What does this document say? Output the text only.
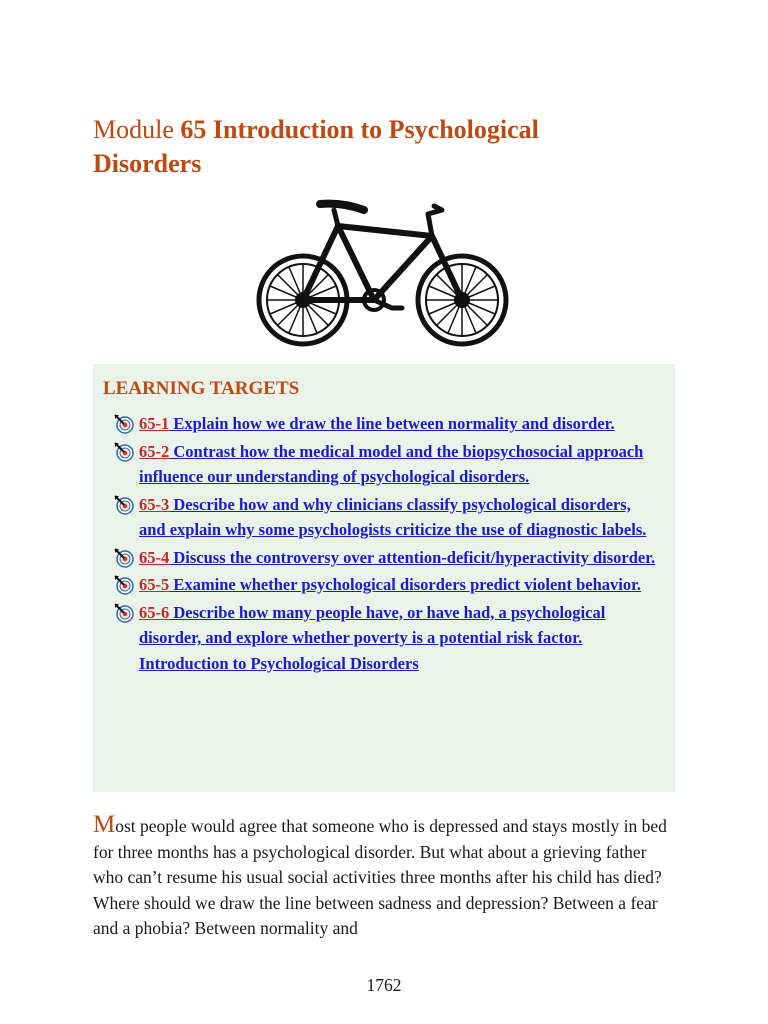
Module 65 Introduction to Psychological Disorders
LEARNING TARGETS
65-1 Explain how we draw the line between normality and disorder.
65-2 Contrast how the medical model and the biopsychosocial approach influence our understanding of psychological disorders.
65-3 Describe how and why clinicians classify psychological disorders, and explain why some psychologists criticize the use of diagnostic labels.
65-4 Discuss the controversy over attention-deficit/hyperactivity disorder.
65-5 Examine whether psychological disorders predict violent behavior.
65-6 Describe how many people have, or have had, a psychological disorder, and explore whether poverty is a potential risk factor. Introduction to Psychological Disorders

Most people would agree that someone who is depressed and stays mostly in bed for three months has a psychological disorder. But what about a grieving father who can’t resume his usual social activities three months after his child has died? Where should we draw the line between sadness and depression? Between a fear and a phobia? Between normality and

1762
